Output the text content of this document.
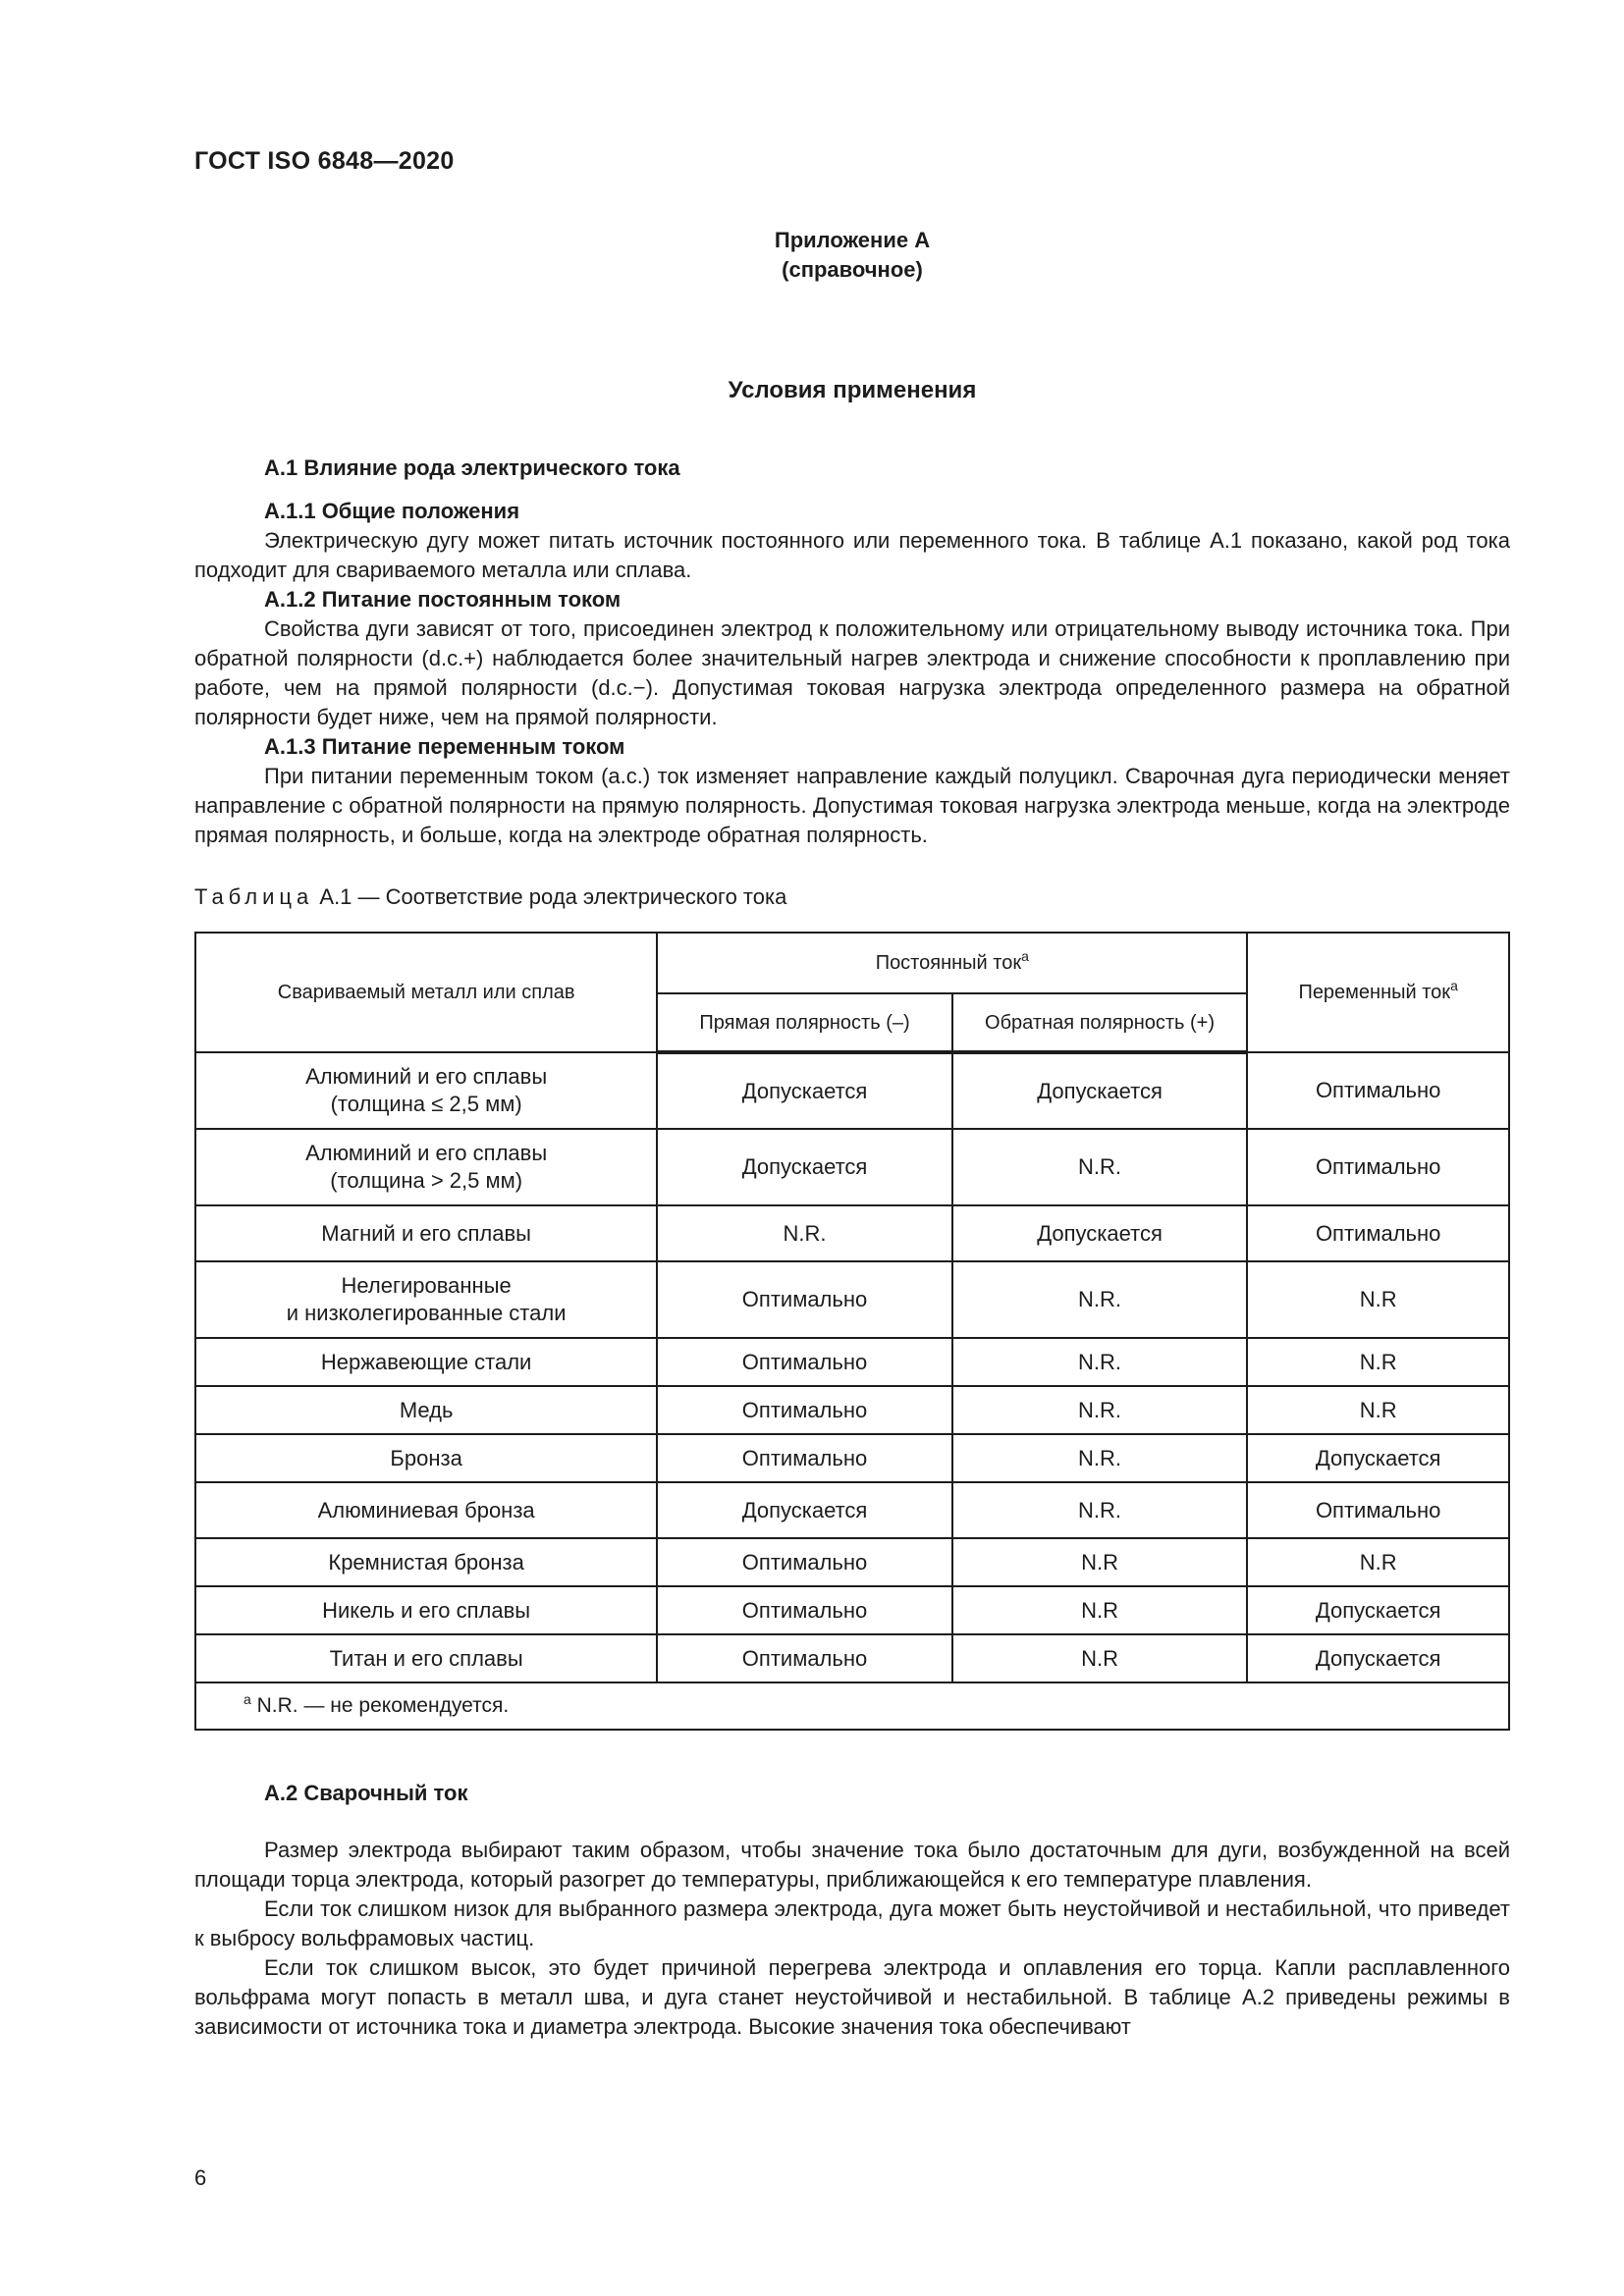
ГОСТ ISO 6848—2020
Приложение А
(справочное)
Условия применения
А.1 Влияние рода электрического тока
А.1.1 Общие положения

Электрическую дугу может питать источник постоянного или переменного тока. В таблице А.1 показано, какой род тока подходит для свариваемого металла или сплава.

А.1.2 Питание постоянным током

Свойства дуги зависят от того, присоединен электрод к положительному или отрицательному выводу источника тока. При обратной полярности (d.c.+) наблюдается более значительный нагрев электрода и снижение способности к проплавлению при работе, чем на прямой полярности (d.c.−). Допустимая токовая нагрузка электрода определенного размера на обратной полярности будет ниже, чем на прямой полярности.

А.1.3 Питание переменным током

При питании переменным током (а.с.) ток изменяет направление каждый полуцикл. Сварочная дуга периодически меняет направление с обратной полярности на прямую полярность. Допустимая токовая нагрузка электрода меньше, когда на электроде прямая полярность, и больше, когда на электроде обратная полярность.

Таблица А.1 — Соответствие рода электрического тока
Свариваемый металл или сплав	Постоянный ток$^a$		Переменный ток$^a$
	Прямая полярность (–)	Обратная полярность (+)	

Алюминий и его сплавы
(толщина ≤ 2,5 мм)	Допускается	Допускается	Оптимально

Алюминий и его сплавы
(толщина > 2,5 мм)	Допускается	N.R.	Оптимально

Магний и его сплавы	N.R.	Допускается	Оптимально

Нелегированные
и низколегированные стали	Оптимально	N.R.	N.R

Нержавеющие стали	Оптимально	N.R.	N.R

Медь	Оптимально	N.R.	N.R

Бронза	Оптимально	N.R.	Допускается

Алюминиевая бронза	Допускается	N.R.	Оптимально

Кремнистая бронза	Оптимально	N.R	N.R

Никель и его сплавы	Оптимально	N.R	Допускается

Титан и его сплавы	Оптимально	N.R	Допускается
$^a$ N.R. — не рекомендуется.			
А.2 Сварочный ток

Размер электрода выбирают таким образом, чтобы значение тока было достаточным для дуги, возбужденной на всей площади торца электрода, который разогрет до температуры, приближающейся к его температуре плавления.

Если ток слишком низок для выбранного размера электрода, дуга может быть неустойчивой и нестабильной, что приведет к выбросу вольфрамовых частиц.

Если ток слишком высок, это будет причиной перегрева электрода и оплавления его торца. Капли расплавленного вольфрама могут попасть в металл шва, и дуга станет неустойчивой и нестабильной. В таблице А.2 приведены режимы в зависимости от источника тока и диаметра электрода. Высокие значения тока обеспечивают

6
